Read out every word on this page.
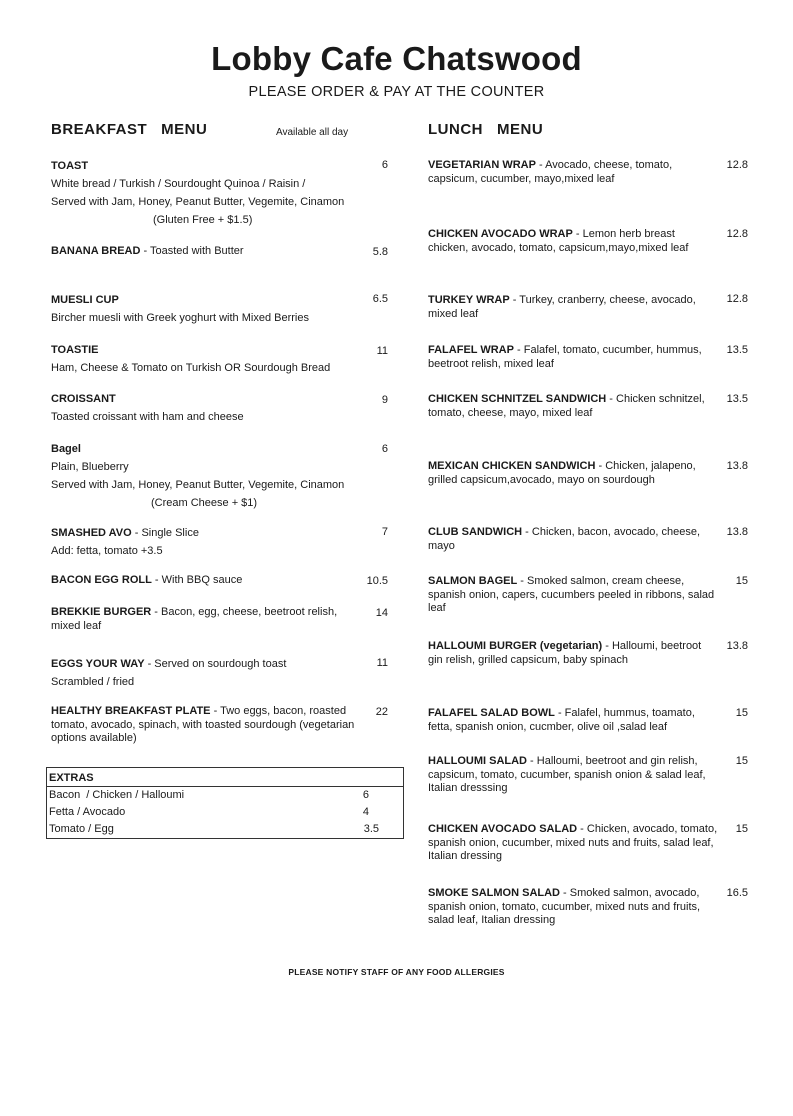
Lobby Cafe Chatswood
PLEASE ORDER & PAY AT THE COUNTER
BREAKFAST   MENU	Available all day	LUNCH   MENU
TOAST
White bread / Turkish / Sourdought Quinoa / Raisin /
Served with Jam, Honey, Peanut Butter, Vegemite, Cinamon
(Gluten Free + $1.5)
6
BANANA BREAD - Toasted with Butter	5.8
MUESLI CUP
Bircher muesli with Greek yoghurt with Mixed Berries
6.5
TOASTIE
Ham, Cheese & Tomato on Turkish OR Sourdough Bread
11
CROISSANT
Toasted croissant with ham and cheese
9
Bagel
Plain, Blueberry
Served with Jam, Honey, Peanut Butter, Vegemite, Cinamon
(Cream Cheese + $1)
6
SMASHED AVO - Single Slice
Add: fetta, tomato +3.5
7
BACON EGG ROLL - With BBQ sauce	10.5
BREKKIE BURGER - Bacon, egg, cheese, beetroot relish, mixed leaf
14
EGGS YOUR WAY - Served on sourdough toast
Scrambled / fried
11
HEALTHY BREAKFAST PLATE - Two eggs, bacon, roasted tomato, avocado, spinach, with toasted sourdough (vegetarian options available)
22
EXTRAS
Bacon  / Chicken / Halloumi	6
Fetta / Avocado	4
Tomato / Egg	3.5
VEGETARIAN WRAP - Avocado, cheese, tomato, capsicum, cucumber, mayo,mixed leaf
12.8
CHICKEN AVOCADO WRAP - Lemon herb breast chicken, avocado, tomato, capsicum,mayo,mixed leaf
12.8
TURKEY WRAP - Turkey, cranberry, cheese, avocado, mixed leaf
12.8
FALAFEL WRAP - Falafel, tomato, cucumber, hummus, beetroot relish, mixed leaf
13.5
CHICKEN SCHNITZEL SANDWICH - Chicken schnitzel, tomato, cheese, mayo, mixed leaf
13.5
MEXICAN CHICKEN SANDWICH - Chicken, jalapeno, grilled capsicum,avocado, mayo on sourdough
13.8
CLUB SANDWICH - Chicken, bacon, avocado, cheese, mayo
13.8
SALMON BAGEL - Smoked salmon, cream cheese, spanish onion, capers, cucumbers peeled in ribbons, salad leaf
15
HALLOUMI BURGER (vegetarian) - Halloumi, beetroot gin relish, grilled capsicum, baby spinach
13.8
FALAFEL SALAD BOWL - Falafel, hummus, toamato, fetta, spanish onion, cucmber, olive oil ,salad leaf
15
HALLOUMI SALAD - Halloumi, beetroot and gin relish, capsicum, tomato, cucumber, spanish onion & salad leaf, Italian dresssing
15
CHICKEN AVOCADO SALAD - Chicken, avocado, tomato, spanish onion, cucumber, mixed nuts and fruits, salad leaf, Italian dressing
15
SMOKE SALMON SALAD - Smoked salmon, avocado, spanish onion, tomato, cucumber, mixed nuts and fruits, salad leaf, Italian dressing
16.5
PLEASE NOTIFY STAFF OF ANY FOOD ALLERGIES
